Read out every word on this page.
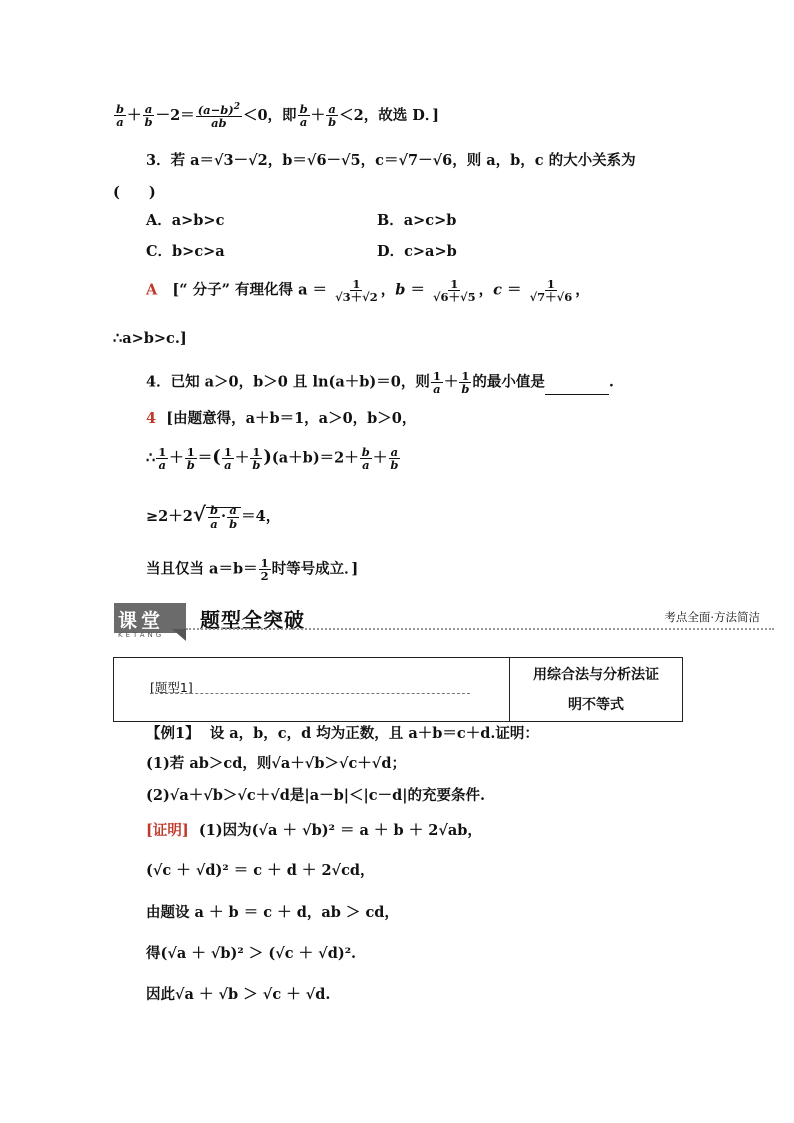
$\frac{b}{a} + \frac{a}{b} -2= \frac{(a-b)^2}{ab} <0$，即 $\frac{b}{a} + \frac{a}{b} <2$，故选 D．]
3．若 a＝√3－√2，b＝√6－√5，c＝√7－√6，则 a，b，c 的大小关系为
(　　)
A．a>b>c	B．a>c>b
C．b>c>a	D．c>a>b
A [“ 分子” 有理化得 $a = \frac{1}{√3+√2}$ ，$b = \frac{1}{√6+√5}$ ，$c = \frac{1}{√7+√6}$ ，
∴a>b>c.]
4．已知 a＞0，b＞0 且 ln(a＋b)＝0，则 $\frac{1}{a} + \frac{1}{b}$ 的最小值是	.
4 [由题意得，a＋b＝1，a＞0，b＞0，
∴ $\frac{1}{a} + \frac{1}{b}$ ＝( $\frac{1}{a} + \frac{1}{b} )(a+b)=2+ \frac{b}{a} + \frac{a}{b}$
$\ge 2+2√ \frac{b}{a} \cdot \frac{a}{b} =4$，
当且仅当 $a=b= \frac{1}{2}$ 时等号成立．]
课堂
KETANG
题型全突破	考点全面·方法简洁
[题型1]
用综合法与分析法证
明不等式
【例1】 设 a，b，c，d 均为正数，且 a＋b＝c＋d.证明：
(1)若 ab＞cd，则√a＋√b＞√c＋√d；
(2)√a＋√b＞√c＋√d是|a－b|＜|c－d|的充要条件.
[证明] (1)因为(√a ＋ √b)² ＝ a ＋ b ＋ 2√ab，
(√c ＋ √d)² ＝ c ＋ d ＋ 2√cd，
由题设 a ＋ b ＝ c ＋ d，ab ＞ cd，
得(√a ＋ √b)² ＞ (√c ＋ √d)².
因此√a ＋ √b ＞ √c ＋ √d.
